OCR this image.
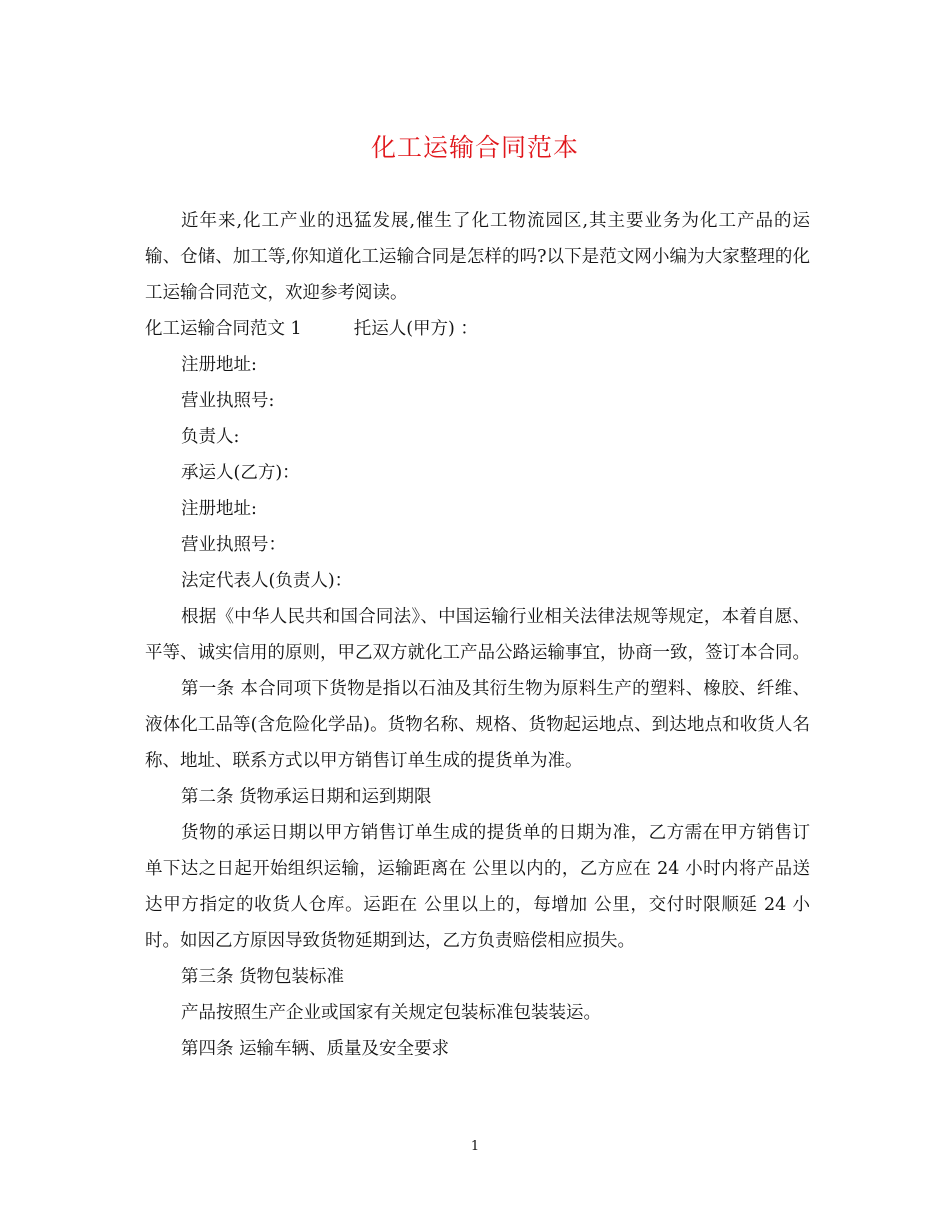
化工运输合同范本

近年来,化工产业的迅猛发展,催生了化工物流园区,其主要业务为化工产品的运输、仓储、加工等,你知道化工运输合同是怎样的吗?以下是范文网小编为大家整理的化工运输合同范文，欢迎参考阅读。

化工运输合同范文 1	托运人(甲方) ：

注册地址:

营业执照号:

负责人:

承运人(乙方)：

注册地址:

营业执照号：

法定代表人(负责人)：

根据《中华人民共和国合同法》、中国运输行业相关法律法规等规定，本着自愿、平等、诚实信用的原则，甲乙双方就化工产品公路运输事宜，协商一致，签订本合同。

第一条 本合同项下货物是指以石油及其衍生物为原料生产的塑料、橡胶、纤维、液体化工品等(含危险化学品)。货物名称、规格、货物起运地点、到达地点和收货人名称、地址、联系方式以甲方销售订单生成的提货单为准。

第二条 货物承运日期和运到期限

货物的承运日期以甲方销售订单生成的提货单的日期为准，乙方需在甲方销售订单下达之日起开始组织运输，运输距离在 公里以内的，乙方应在 24 小时内将产品送达甲方指定的收货人仓库。运距在 公里以上的，每增加 公里，交付时限顺延 24 小时。如因乙方原因导致货物延期到达，乙方负责赔偿相应损失。

第三条 货物包装标准

产品按照生产企业或国家有关规定包装标准包装装运。

第四条 运输车辆、质量及安全要求

1
